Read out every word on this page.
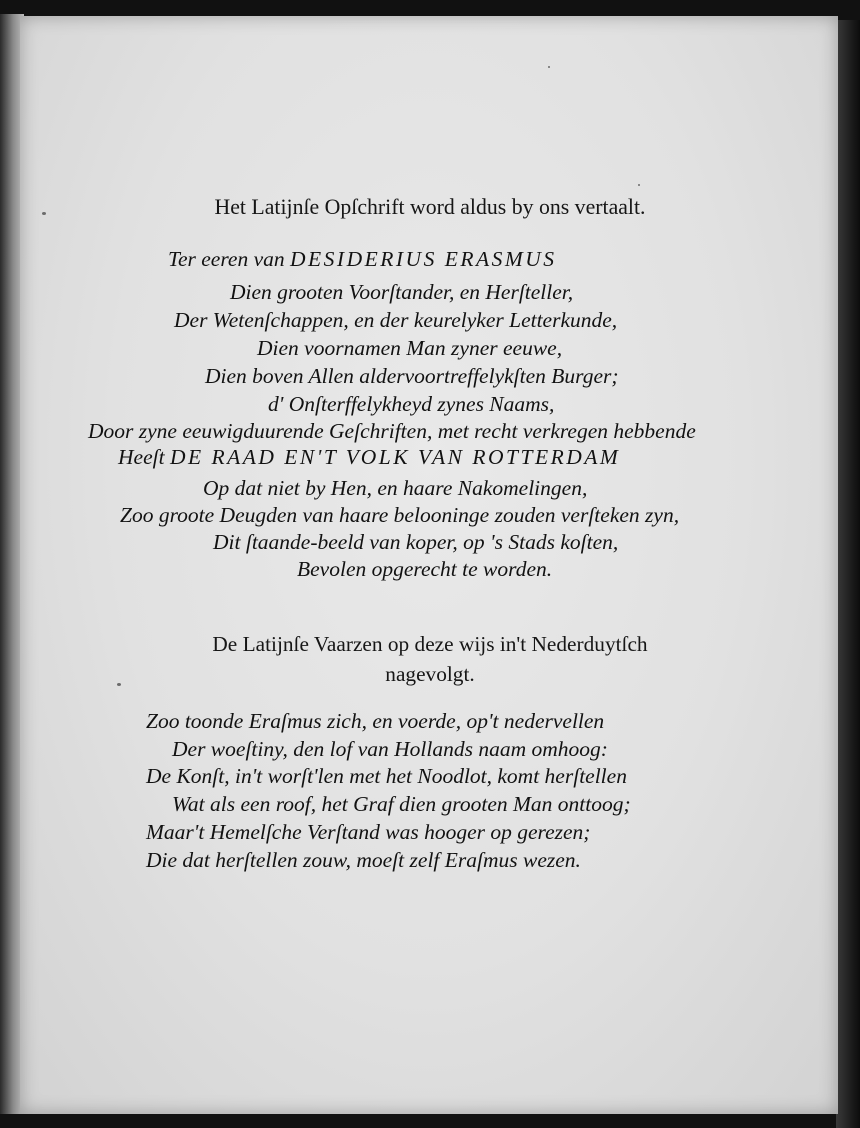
Het Latijnſe Opſchrift word aldus by ons vertaalt.
Ter eeren van DESIDERIUS ERASMUS
Dien grooten Voorſtander, en Herſteller,
Der Wetenſchappen, en der keurelyker Letterkunde,
Dien voornamen Man zyner eeuwe,
Dien boven Allen aldervoortreffelykſten Burger;
d' Onſterffelykheyd zynes Naams,
Door zyne eeuwigduurende Geſchriften, met recht verkregen hebbende
Heeſt DE RAAD EN'T VOLK VAN ROTTERDAM
Op dat niet by Hen, en haare Nakomelingen,
Zoo groote Deugden van haare belooninge zouden verſteken zyn,
Dit ſtaande-beeld van koper, op 's Stads koſten,
Bevolen opgerecht te worden.
De Latijnſe Vaarzen op deze wijs in't Nederduytſch
nagevolgt.
Zoo toonde Eraſmus zich, en voerde, op't nedervellen
Der woeſtiny, den lof van Hollands naam omhoog:
De Konſt, in't worſt'len met het Noodlot, komt herſtellen
Wat als een roof, het Graf dien grooten Man onttoog;
Maar't Hemelſche Verſtand was hooger op gerezen;
Die dat herſtellen zouw, moeſt zelf Eraſmus wezen.
